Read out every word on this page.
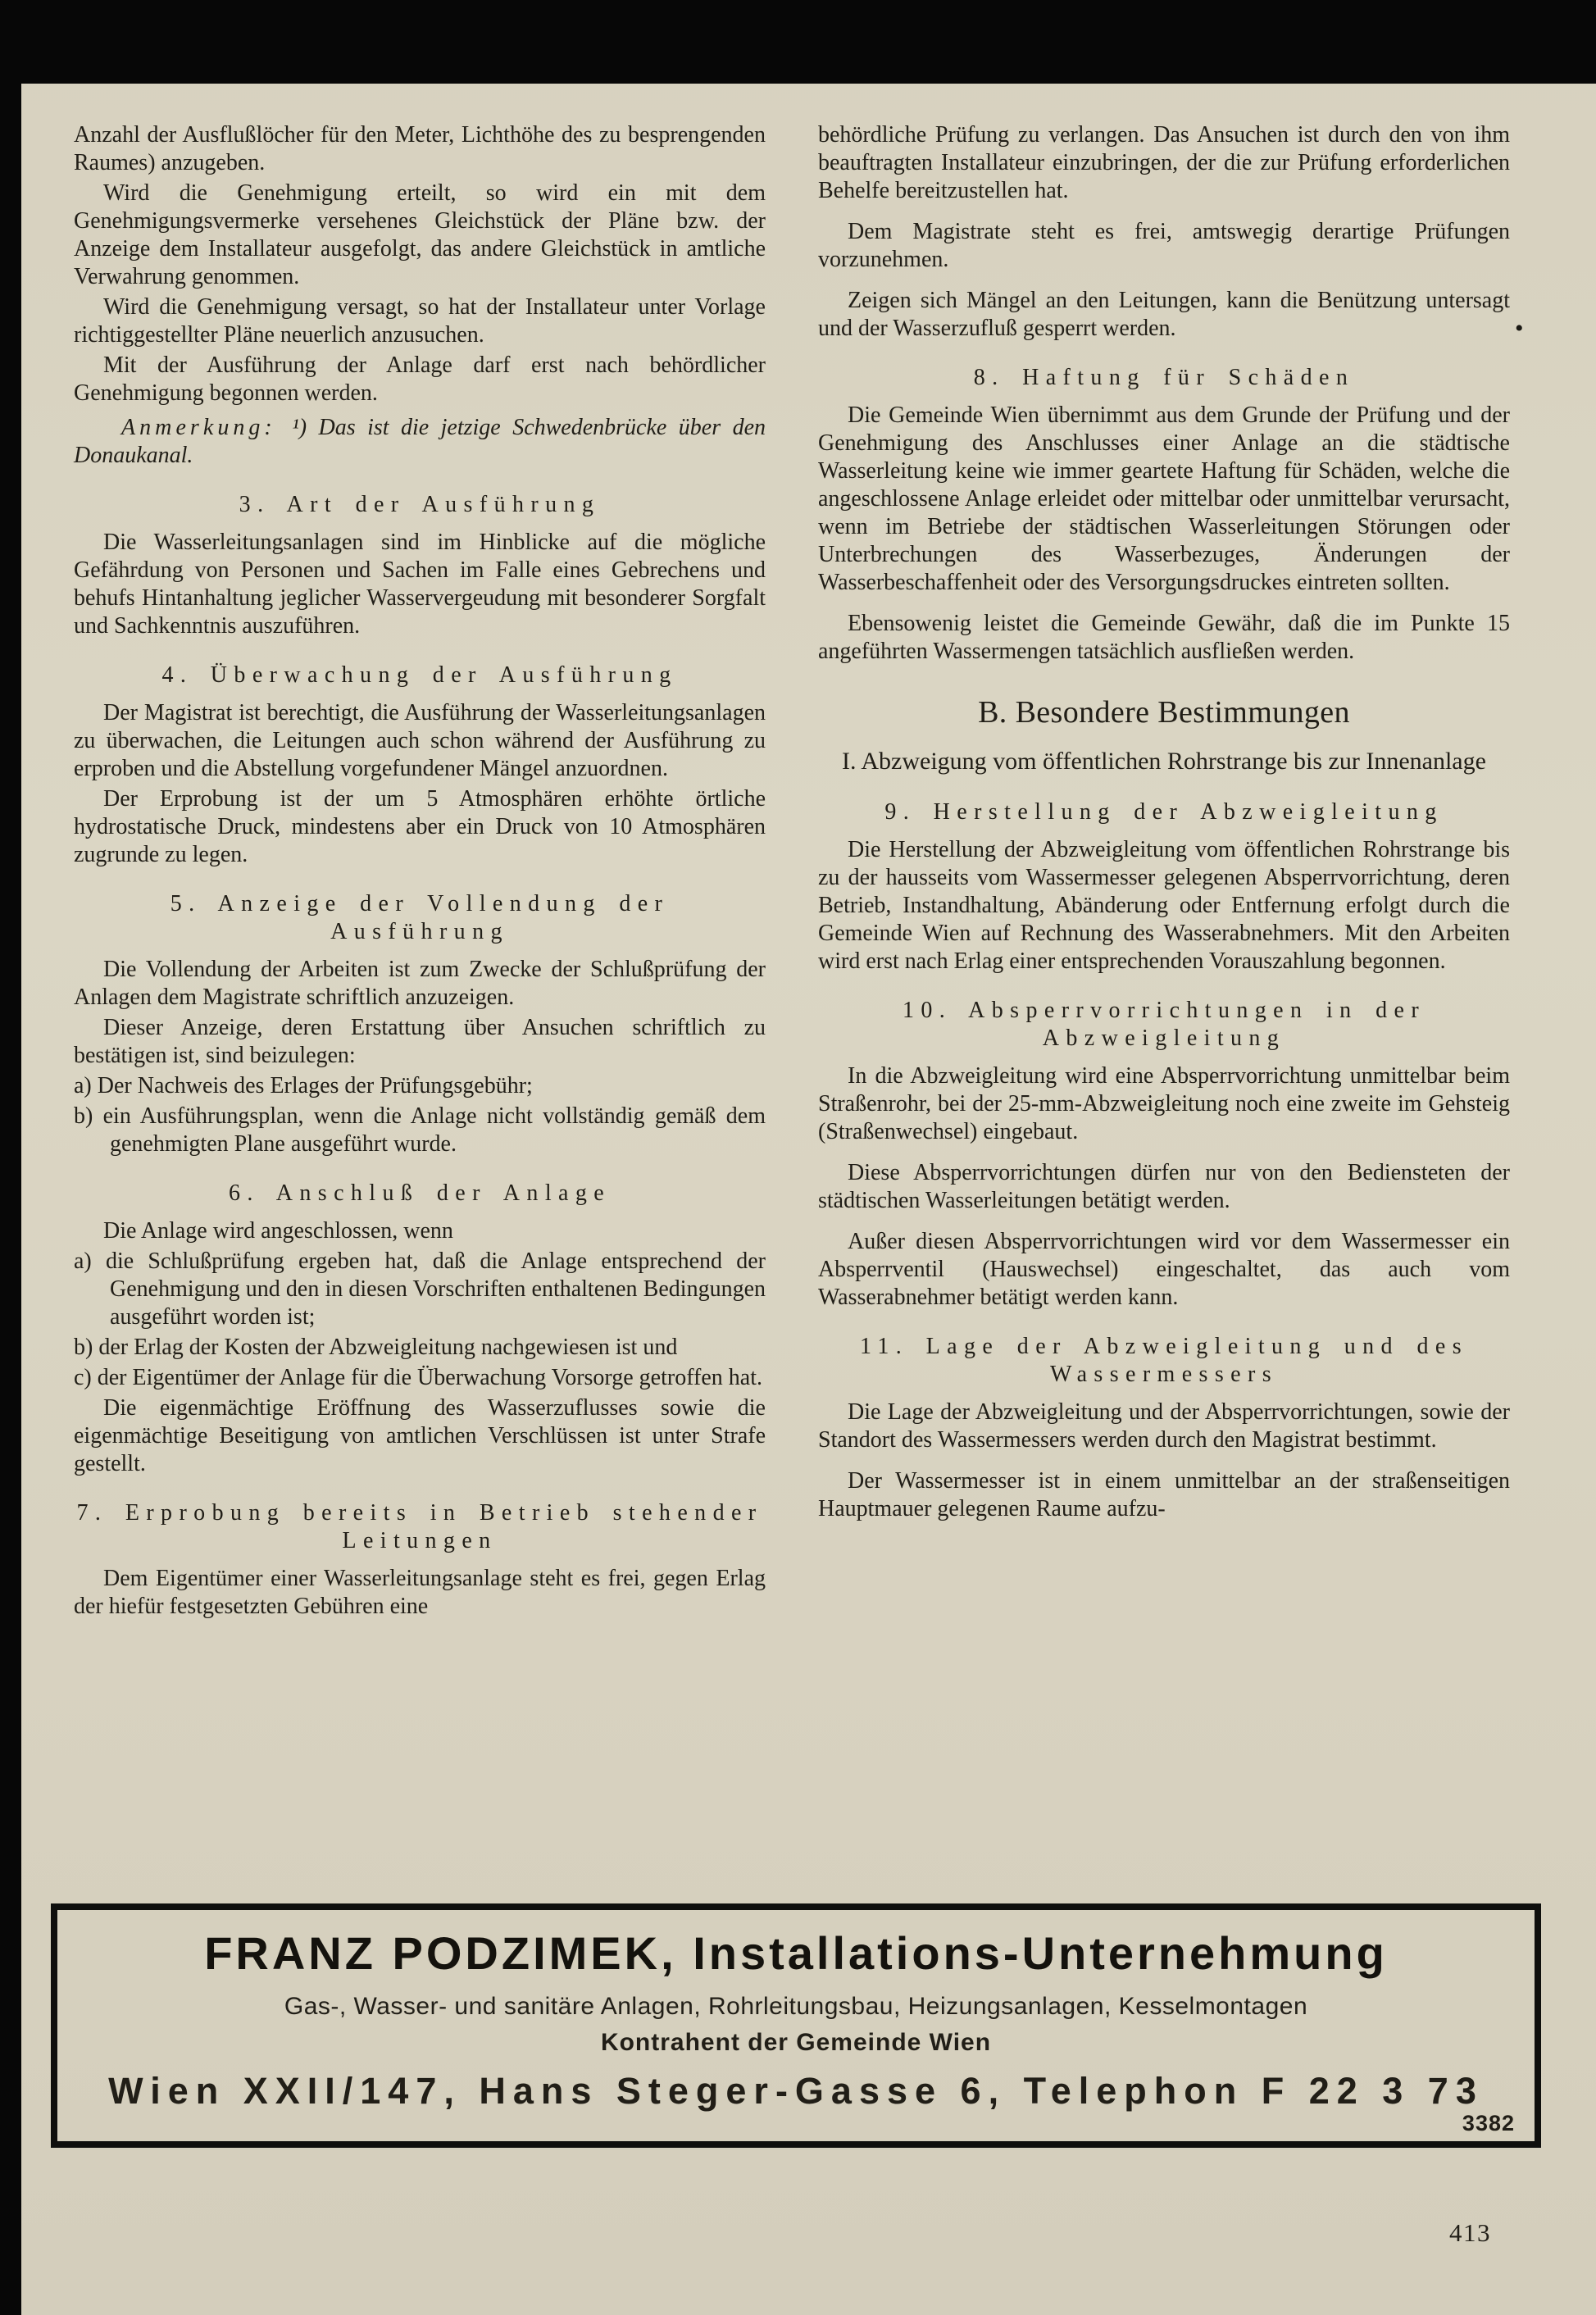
Anzahl der Ausflußlöcher für den Meter, Lichthöhe des zu besprengenden Raumes) anzugeben.

Wird die Genehmigung erteilt, so wird ein mit dem Genehmigungsvermerke versehenes Gleichstück der Pläne bzw. der Anzeige dem Installateur ausgefolgt, das andere Gleichstück in amtliche Verwahrung genommen.

Wird die Genehmigung versagt, so hat der Installateur unter Vorlage richtiggestellter Pläne neuerlich anzusuchen.

Mit der Ausführung der Anlage darf erst nach behördlicher Genehmigung begonnen werden.

Anmerkung: ¹) Das ist die jetzige Schwedenbrücke über den Donaukanal.

3. Art der Ausführung

Die Wasserleitungsanlagen sind im Hinblicke auf die mögliche Gefährdung von Personen und Sachen im Falle eines Gebrechens und behufs Hintanhaltung jeglicher Wasservergeudung mit besonderer Sorgfalt und Sachkenntnis auszuführen.

4. Überwachung der Ausführung

Der Magistrat ist berechtigt, die Ausführung der Wasserleitungsanlagen zu überwachen, die Leitungen auch schon während der Ausführung zu erproben und die Abstellung vorgefundener Mängel anzuordnen.

Der Erprobung ist der um 5 Atmosphären erhöhte örtliche hydrostatische Druck, mindestens aber ein Druck von 10 Atmosphären zugrunde zu legen.

5. Anzeige der Vollendung der Ausführung

Die Vollendung der Arbeiten ist zum Zwecke der Schlußprüfung der Anlagen dem Magistrate schriftlich anzuzeigen.

Dieser Anzeige, deren Erstattung über Ansuchen schriftlich zu bestätigen ist, sind beizulegen:

a) Der Nachweis des Erlages der Prüfungsgebühr;

b) ein Ausführungsplan, wenn die Anlage nicht vollständig gemäß dem genehmigten Plane ausgeführt wurde.

6. Anschluß der Anlage

Die Anlage wird angeschlossen, wenn

a) die Schlußprüfung ergeben hat, daß die Anlage entsprechend der Genehmigung und den in diesen Vorschriften enthaltenen Bedingungen ausgeführt worden ist;

b) der Erlag der Kosten der Abzweigleitung nachgewiesen ist und

c) der Eigentümer der Anlage für die Überwachung Vorsorge getroffen hat.

Die eigenmächtige Eröffnung des Wasserzuflusses sowie die eigenmächtige Beseitigung von amtlichen Verschlüssen ist unter Strafe gestellt.

7. Erprobung bereits in Betrieb stehender Leitungen

Dem Eigentümer einer Wasserleitungsanlage steht es frei, gegen Erlag der hiefür festgesetzten Gebühren eine

behördliche Prüfung zu verlangen. Das Ansuchen ist durch den von ihm beauftragten Installateur einzubringen, der die zur Prüfung erforderlichen Behelfe bereitzustellen hat.

Dem Magistrate steht es frei, amtswegig derartige Prüfungen vorzunehmen.

Zeigen sich Mängel an den Leitungen, kann die Benützung untersagt und der Wasserzufluß gesperrt werden.

8. Haftung für Schäden

Die Gemeinde Wien übernimmt aus dem Grunde der Prüfung und der Genehmigung des Anschlusses einer Anlage an die städtische Wasserleitung keine wie immer geartete Haftung für Schäden, welche die angeschlossene Anlage erleidet oder mittelbar oder unmittelbar verursacht, wenn im Betriebe der städtischen Wasserleitungen Störungen oder Unterbrechungen des Wasserbezuges, Änderungen der Wasserbeschaffenheit oder des Versorgungsdruckes eintreten sollten.

Ebensowenig leistet die Gemeinde Gewähr, daß die im Punkte 15 angeführten Wassermengen tatsächlich ausfließen werden.

B. Besondere Bestimmungen

I. Abzweigung vom öffentlichen Rohrstrange bis zur Innenanlage

9. Herstellung der Abzweigleitung

Die Herstellung der Abzweigleitung vom öffentlichen Rohrstrange bis zu der hausseits vom Wassermesser gelegenen Absperrvorrichtung, deren Betrieb, Instandhaltung, Abänderung oder Entfernung erfolgt durch die Gemeinde Wien auf Rechnung des Wasserabnehmers. Mit den Arbeiten wird erst nach Erlag einer entsprechenden Vorauszahlung begonnen.

10. Absperrvorrichtungen in der Abzweigleitung

In die Abzweigleitung wird eine Absperrvorrichtung unmittelbar beim Straßenrohr, bei der 25-mm-Abzweigleitung noch eine zweite im Gehsteig (Straßenwechsel) eingebaut.

Diese Absperrvorrichtungen dürfen nur von den Bediensteten der städtischen Wasserleitungen betätigt werden.

Außer diesen Absperrvorrichtungen wird vor dem Wassermesser ein Absperrventil (Hauswechsel) eingeschaltet, das auch vom Wasserabnehmer betätigt werden kann.

11. Lage der Abzweigleitung und des Wassermessers

Die Lage der Abzweigleitung und der Absperrvorrichtungen, sowie der Standort des Wassermessers werden durch den Magistrat bestimmt.

Der Wassermesser ist in einem unmittelbar an der straßenseitigen Hauptmauer gelegenen Raume aufzu-

•
FRANZ PODZIMEK, Installations-Unternehmung
Gas-, Wasser- und sanitäre Anlagen, Rohrleitungsbau, Heizungsanlagen, Kesselmontagen
Kontrahent der Gemeinde Wien
Wien XXII/147, Hans Steger-Gasse 6, Telephon F 22 3 73
3382
413
